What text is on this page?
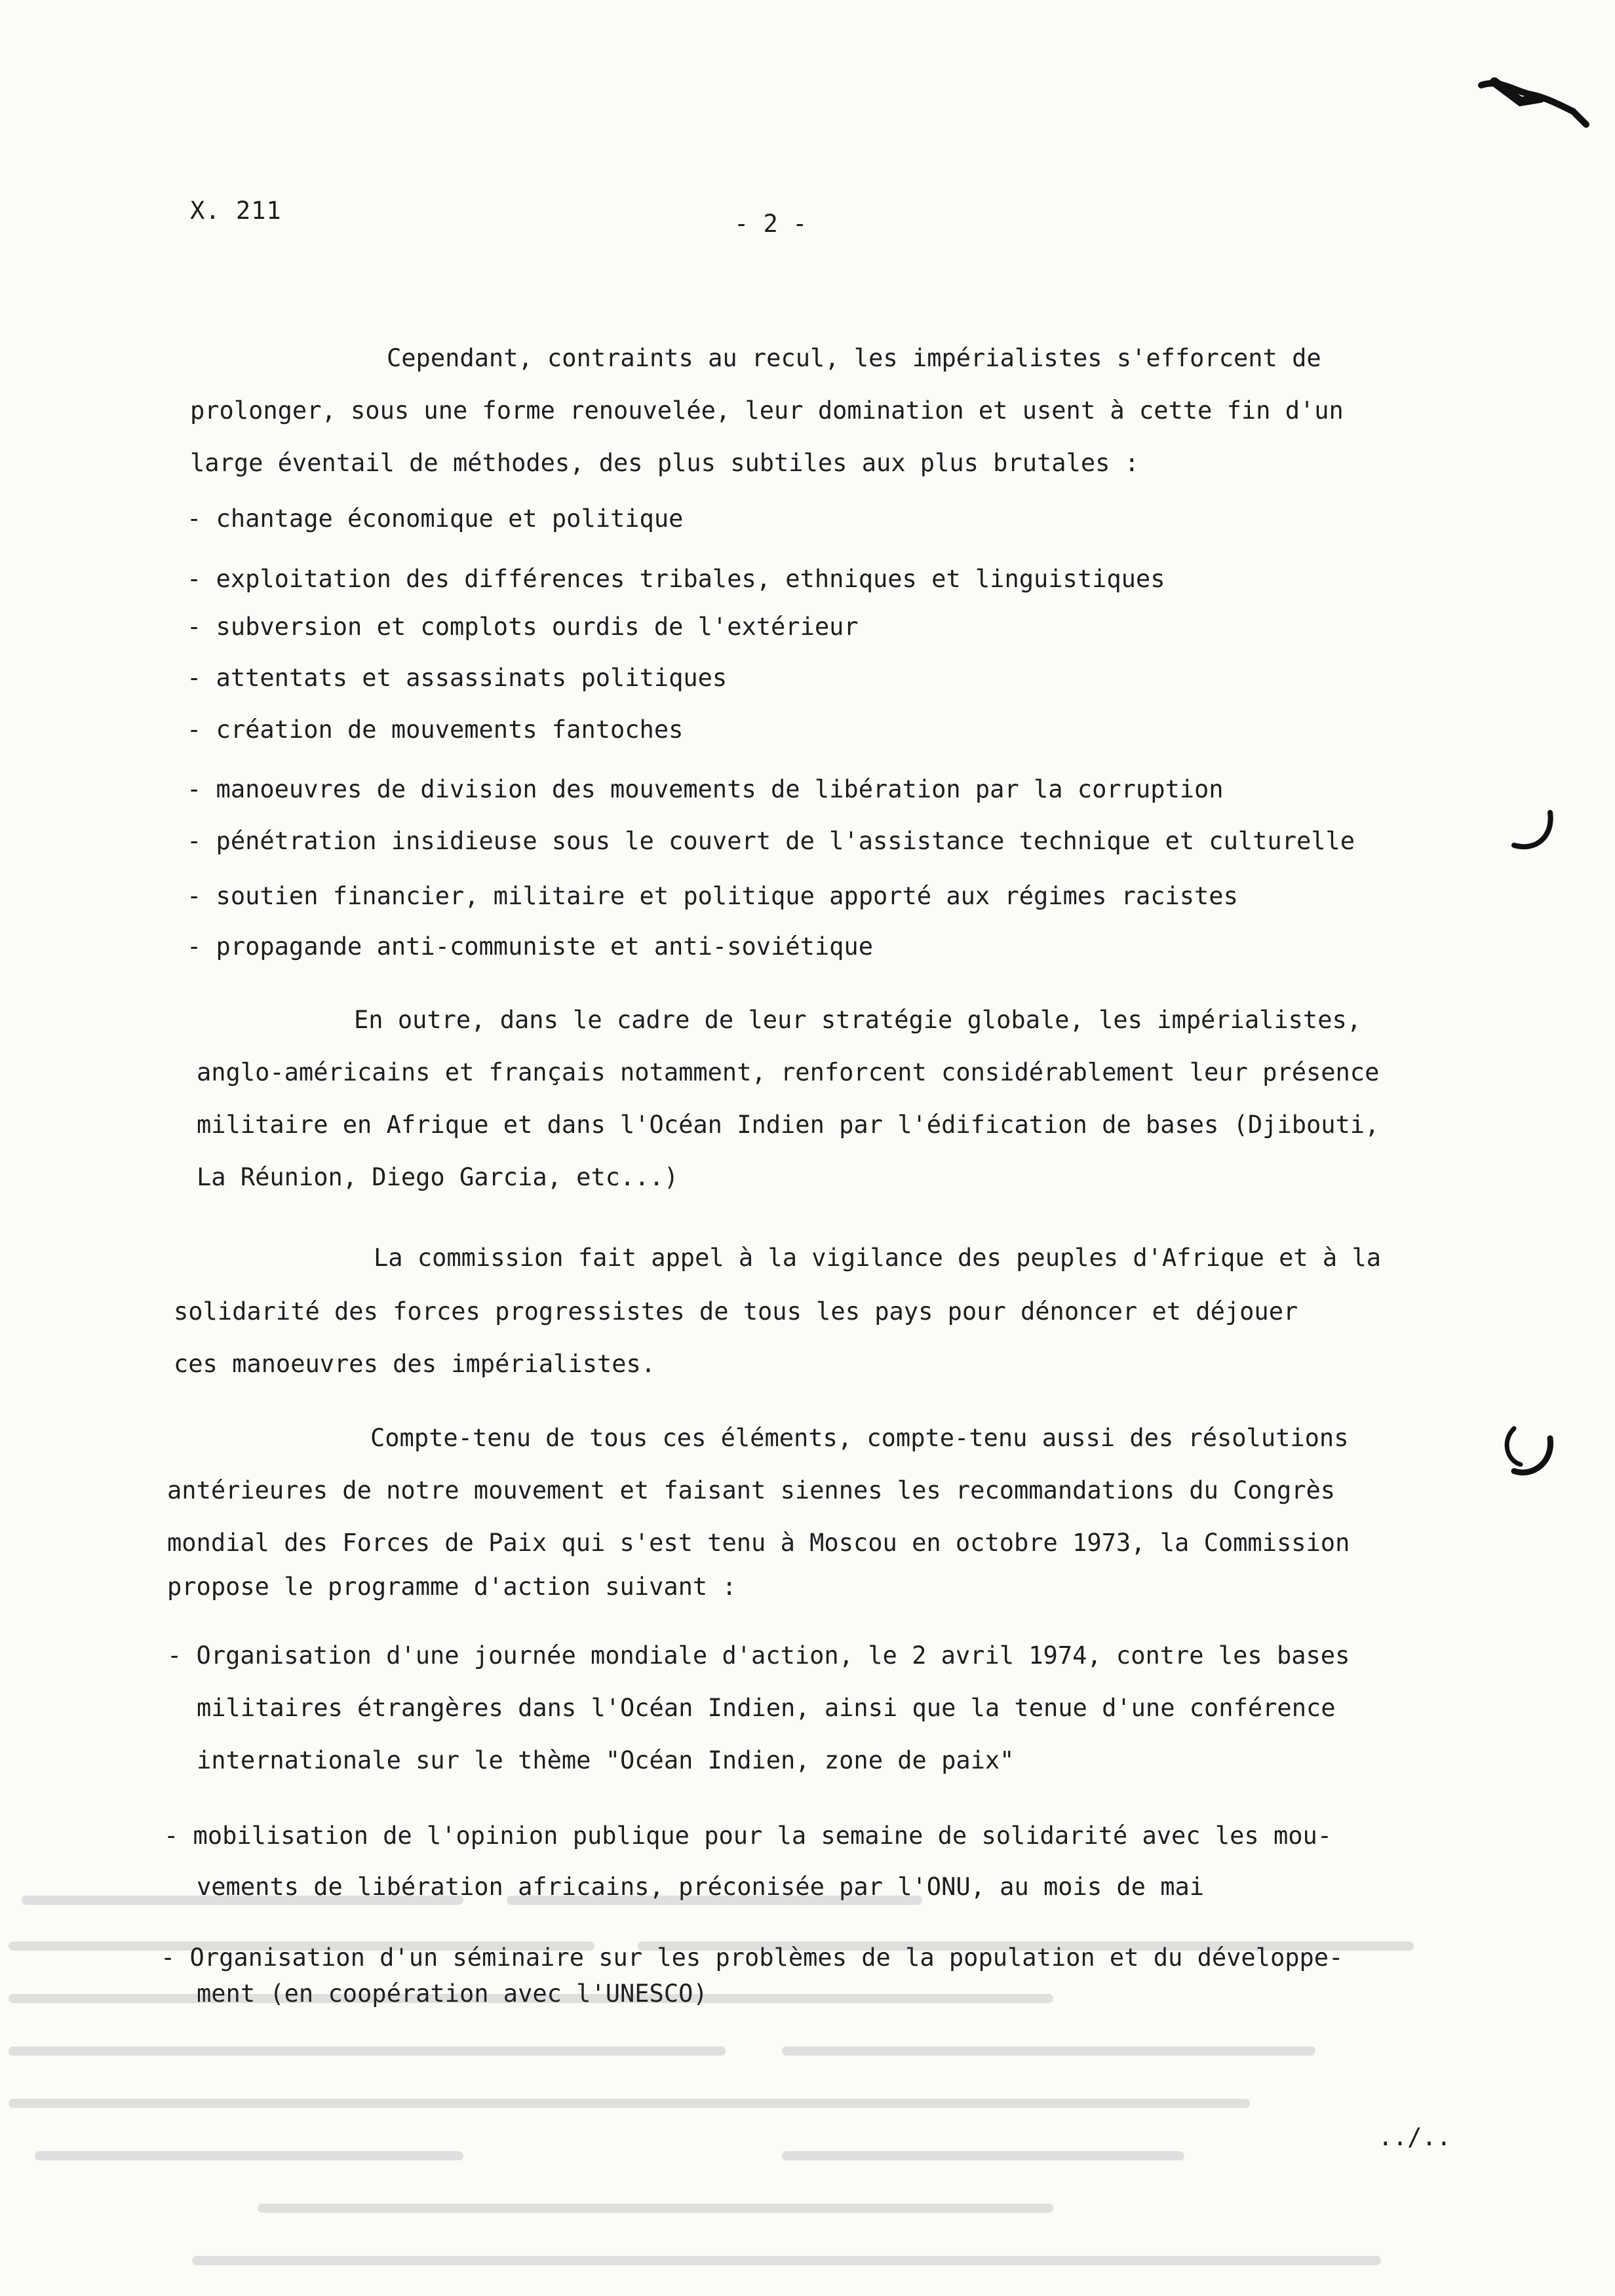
X. 211	- 2 -
Cependant, contraints au recul, les impérialistes s'efforcent de
prolonger, sous une forme renouvelée, leur domination et usent à cette fin d'un
large éventail de méthodes, des plus subtiles aux plus brutales :
- chantage économique et politique
- exploitation des différences tribales, ethniques et linguistiques
- subversion et complots ourdis de l'extérieur
- attentats et assassinats politiques
- création de mouvements fantoches
- manoeuvres de division des mouvements de libération par la corruption
- pénétration insidieuse sous le couvert de l'assistance technique et culturelle
- soutien financier, militaire et politique apporté aux régimes racistes
- propagande anti-communiste et anti-soviétique
En outre, dans le cadre de leur stratégie globale, les impérialistes,
anglo-américains et français notamment, renforcent considérablement leur présence
militaire en Afrique et dans l'Océan Indien par l'édification de bases (Djibouti,
La Réunion, Diego Garcia, etc...)
La commission fait appel à la vigilance des peuples d'Afrique et à la
solidarité des forces progressistes de tous les pays pour dénoncer et déjouer
ces manoeuvres des impérialistes.
Compte-tenu de tous ces éléments, compte-tenu aussi des résolutions
antérieures de notre mouvement et faisant siennes les recommandations du Congrès
mondial des Forces de Paix qui s'est tenu à Moscou en octobre 1973, la Commission
propose le programme d'action suivant :
- Organisation d'une journée mondiale d'action, le 2 avril 1974, contre les bases
militaires étrangères dans l'Océan Indien, ainsi que la tenue d'une conférence
internationale sur le thème "Océan Indien, zone de paix"
- mobilisation de l'opinion publique pour la semaine de solidarité avec les mou-
vements de libération africains, préconisée par l'ONU, au mois de mai
- Organisation d'un séminaire sur les problèmes de la population et du développe-
ment (en coopération avec l'UNESCO)
../..
